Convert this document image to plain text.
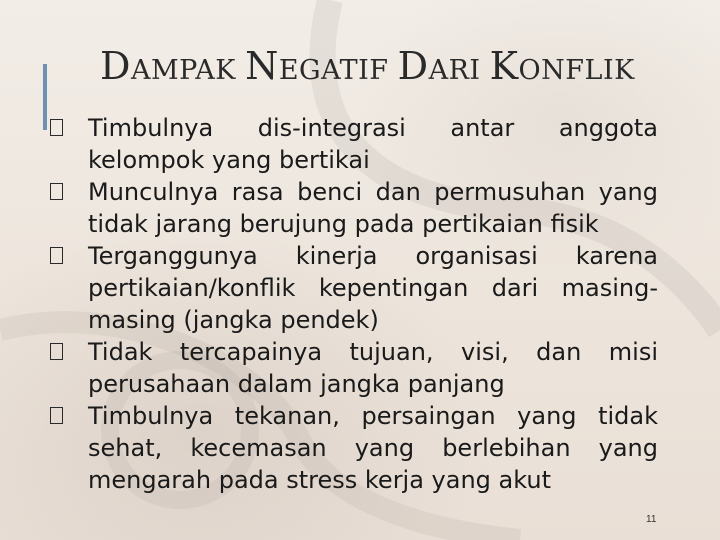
DAMPAK NEGATIF DARI KONFLIK
Timbulnya dis-integrasi antar anggota kelompok yang bertikai
Munculnya rasa benci dan permusuhan yang tidak jarang berujung pada pertikaian fisik
Terganggunya kinerja organisasi karena pertikaian/konflik kepentingan dari masing-masing (jangka pendek)
Tidak tercapainya tujuan, visi, dan misi perusahaan dalam jangka panjang
Timbulnya tekanan, persaingan yang tidak sehat, kecemasan yang berlebihan yang mengarah pada stress kerja yang akut
11
